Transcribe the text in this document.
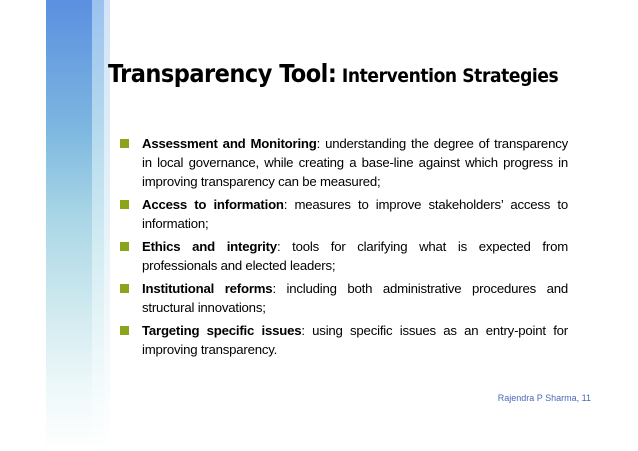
Transparency Tool: Intervention Strategies
Assessment and Monitoring: understanding the degree of transparency in local governance, while creating a base-line against which progress in improving transparency can be measured;
Access to information: measures to improve stakeholders’ access to information;
Ethics and integrity: tools for clarifying what is expected from professionals and elected leaders;
Institutional reforms: including both administrative procedures and structural innovations;
Targeting specific issues: using specific issues as an entry-point for improving transparency.
Rajendra P Sharma, 11
